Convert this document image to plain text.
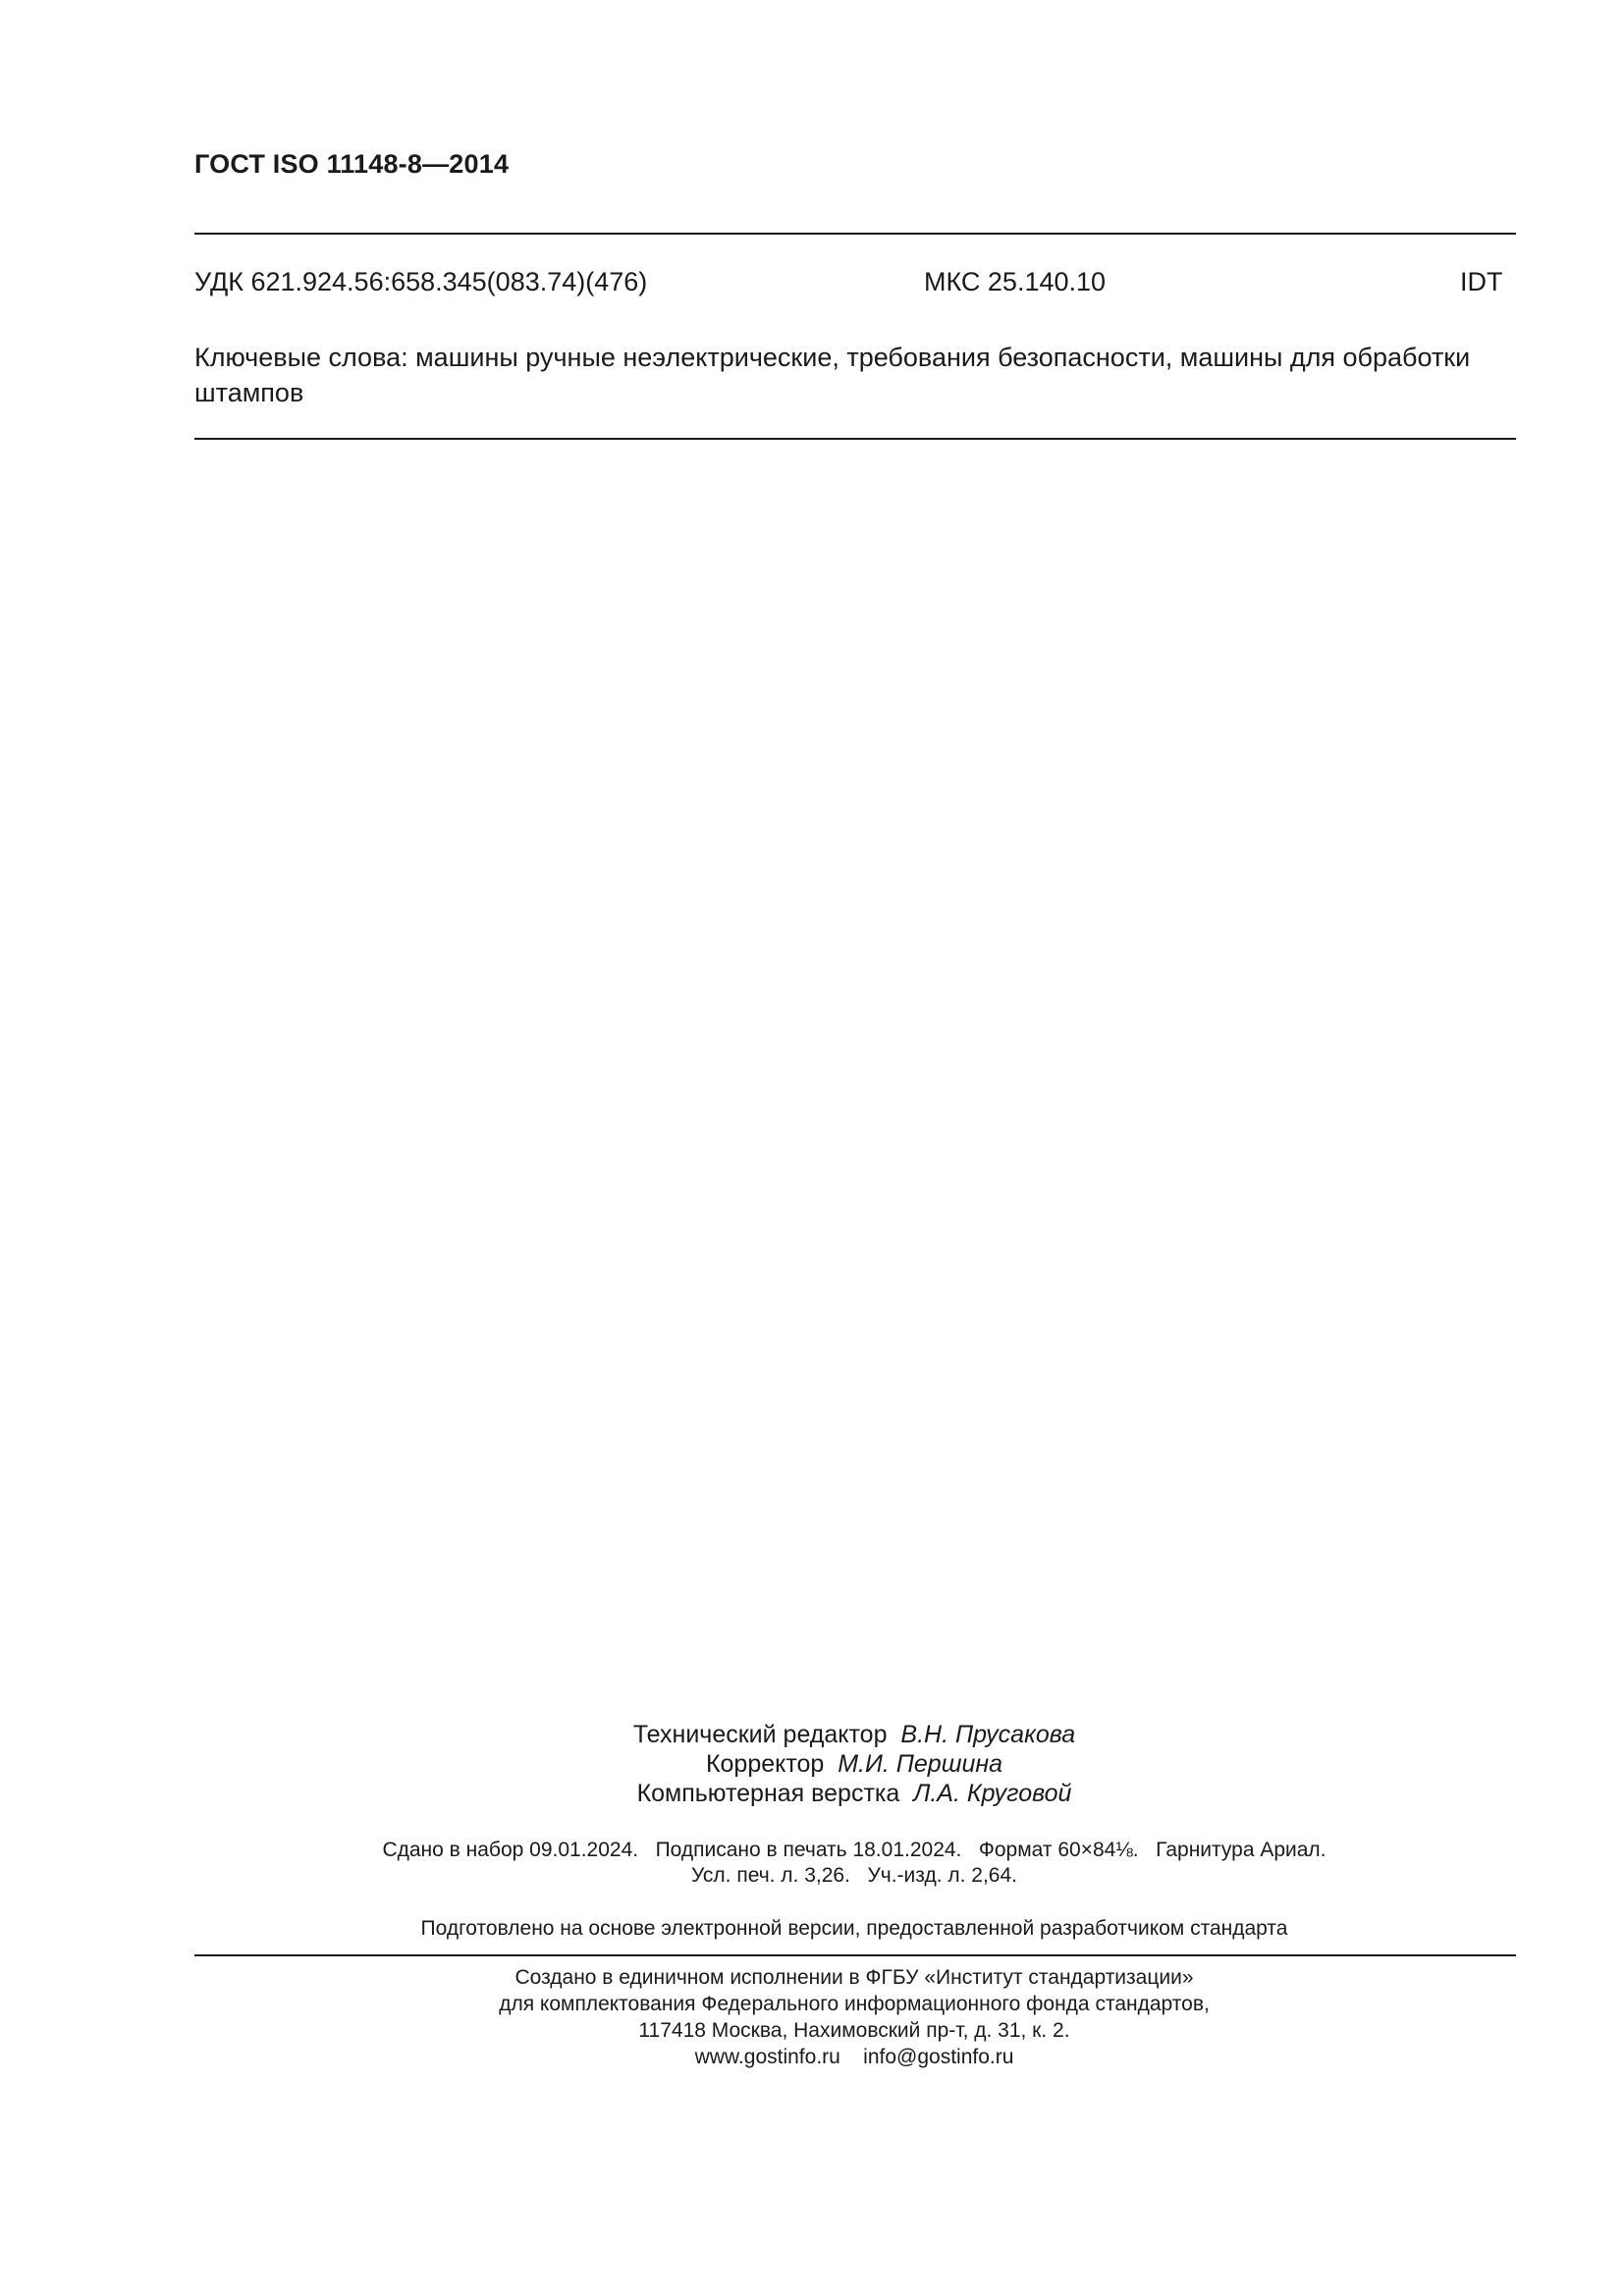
ГОСТ ISO 11148-8—2014
УДК 621.924.56:658.345(083.74)(476)	МКС 25.140.10	IDT
Ключевые слова: машины ручные неэлектрические, требования безопасности, машины для обработки штампов
Технический редактор В.Н. Прусакова
Корректор М.И. Першина
Компьютерная верстка Л.А. Круговой
Сдано в набор 09.01.2024.   Подписано в печать 18.01.2024.   Формат 60×84⅛.   Гарнитура Ариал.
Усл. печ. л. 3,26.   Уч.-изд. л. 2,64.
Подготовлено на основе электронной версии, предоставленной разработчиком стандарта
Создано в единичном исполнении в ФГБУ «Институт стандартизации»
для комплектования Федерального информационного фонда стандартов,
117418 Москва, Нахимовский пр-т, д. 31, к. 2.
www.gostinfo.ru info@gostinfo.ru
